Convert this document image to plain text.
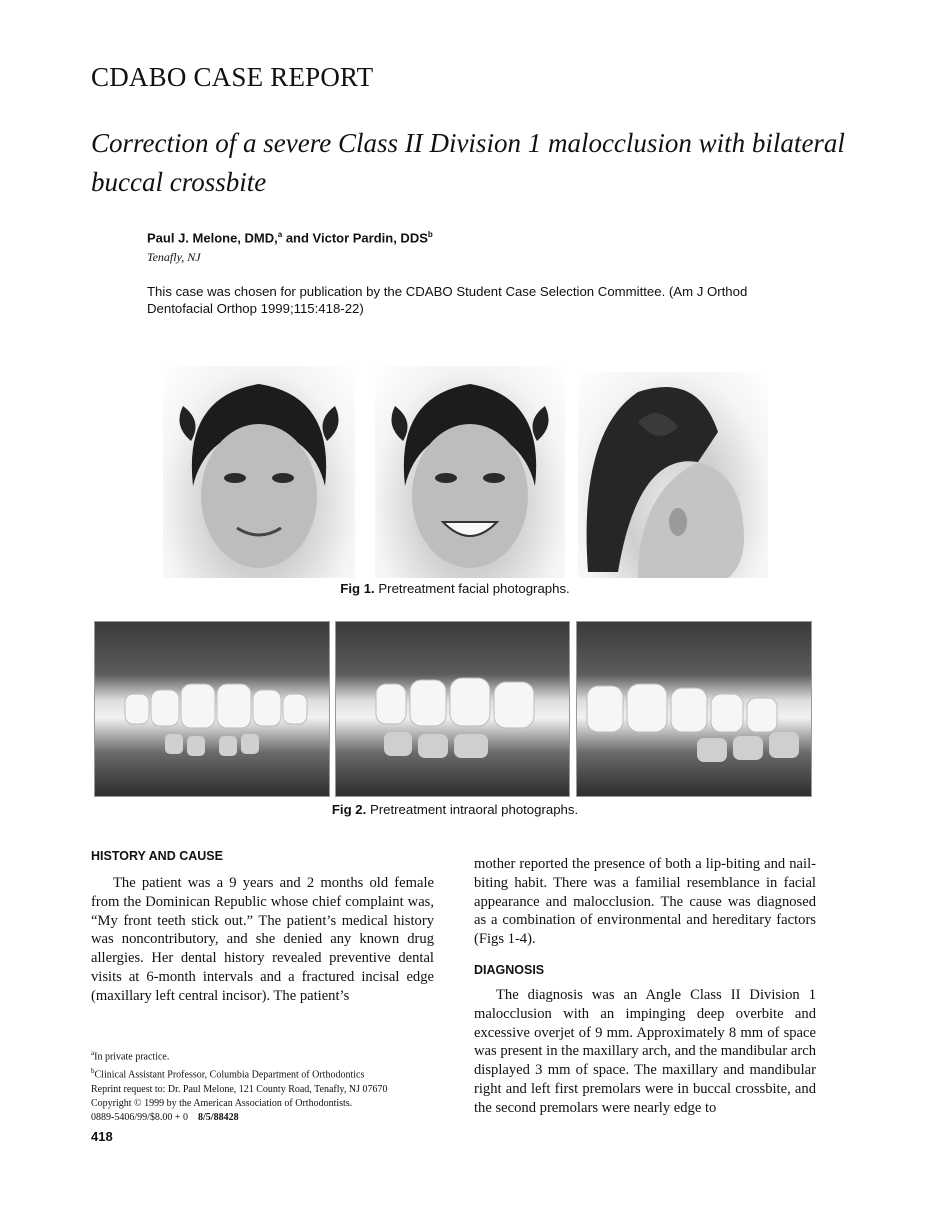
CDABO CASE REPORT
Correction of a severe Class II Division 1 malocclusion with bilateral buccal crossbite
Paul J. Melone, DMD,$^a$ and Victor Pardin, DDS$^b$
Tenafly, NJ
This case was chosen for publication by the CDABO Student Case Selection Committee. (Am J Orthod Dentofacial Orthop 1999;115:418-22)
Fig 1. Pretreatment facial photographs.
Fig 2. Pretreatment intraoral photographs.
HISTORY AND CAUSE

The patient was a 9 years and 2 months old female from the Dominican Republic whose chief complaint was, “My front teeth stick out.” The patient’s medical history was noncontributory, and she denied any known drug allergies. Her dental history revealed preventive dental visits at 6-month intervals and a fractured incisal edge (maxillary left central incisor). The patient’s

mother reported the presence of both a lip-biting and nail-biting habit. There was a familial resemblance in facial appearance and malocclusion. The cause was diagnosed as a combination of environmental and hereditary factors (Figs 1-4).

DIAGNOSIS

The diagnosis was an Angle Class II Division 1 malocclusion with an impinging deep overbite and excessive overjet of 9 mm. Approximately 8 mm of space was present in the maxillary arch, and the mandibular arch displayed 3 mm of space. The maxillary and mandibular right and left first premolars were in buccal crossbite, and the second premolars were nearly edge to

$^a$In private practice.
$^b$Clinical Assistant Professor, Columbia Department of Orthodontics
Reprint request to: Dr. Paul Melone, 121 County Road, Tenafly, NJ 07670
Copyright © 1999 by the American Association of Orthodontists.
0889-5406/99/$8.00 + 0 8/5/88428
418
